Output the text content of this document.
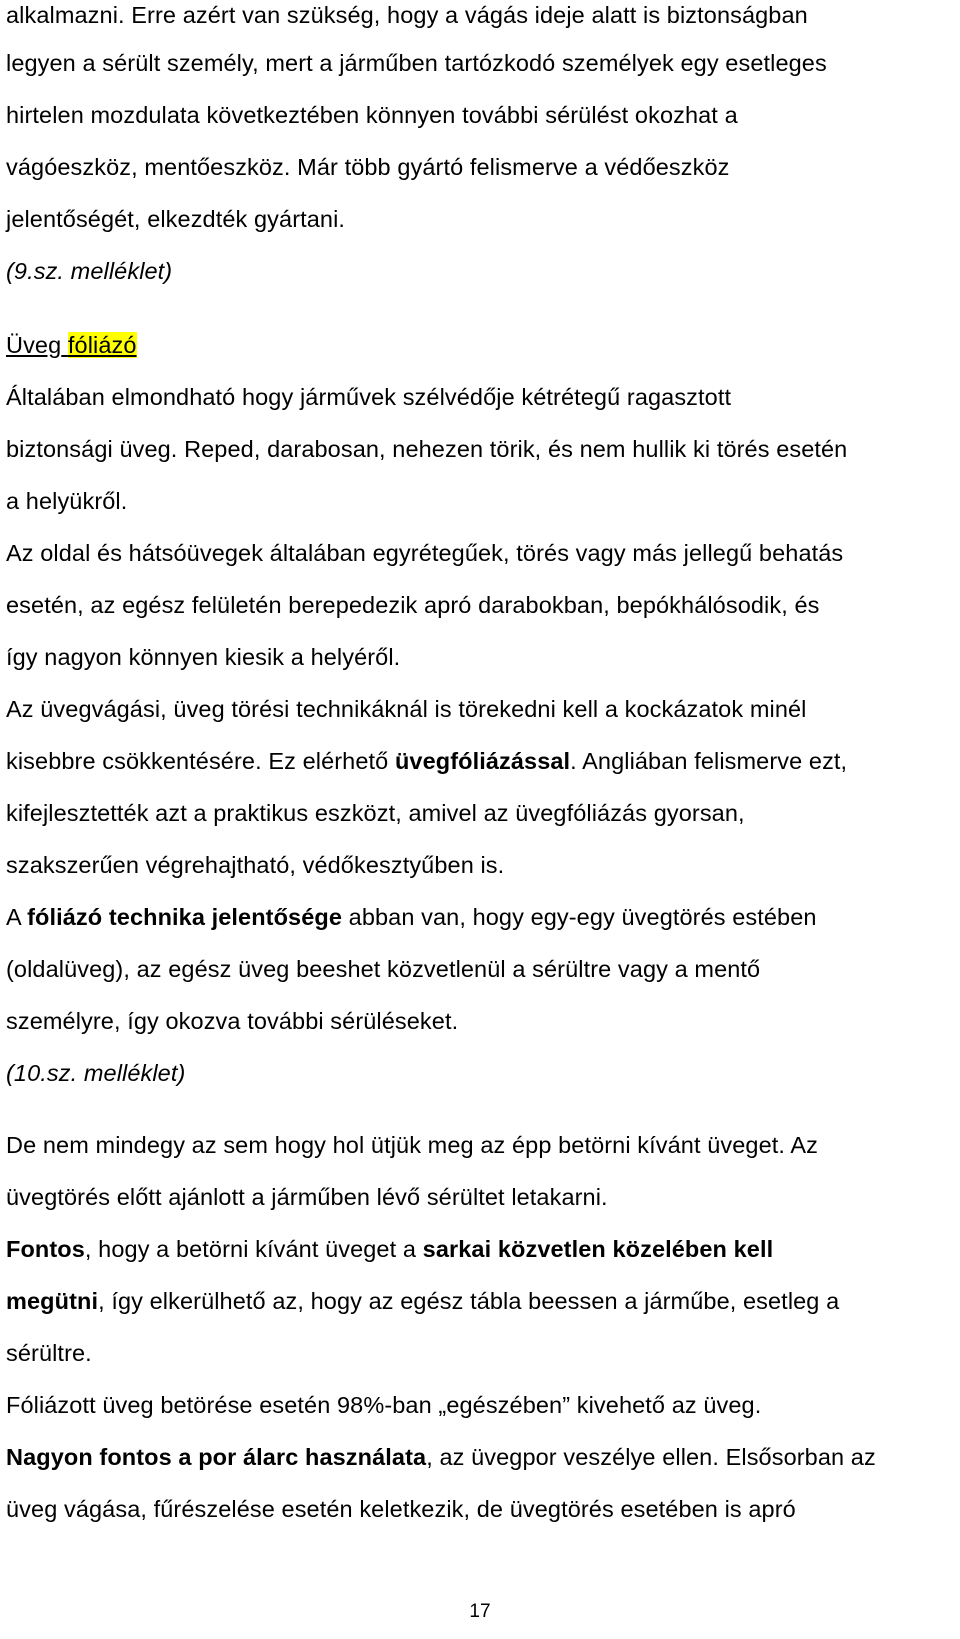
alkalmazni. Erre azért van szükség, hogy a vágás ideje alatt is biztonságban
legyen a sérült személy, mert a járműben tartózkodó személyek egy esetleges
hirtelen mozdulata következtében könnyen további sérülést okozhat a
vágóeszköz, mentőeszköz. Már több gyártó felismerve a védőeszköz
jelentőségét, elkezdték gyártani.
(9.sz. melléklet)
Üveg fóliázó
Általában elmondható hogy járművek szélvédője kétrétegű ragasztott
biztonsági üveg. Reped, darabosan, nehezen törik, és nem hullik ki törés esetén
a helyükről.
Az oldal és hátsóüvegek általában egyrétegűek, törés vagy más jellegű behatás
esetén, az egész felületén berepedezik apró darabokban, bepókhálósodik, és
így nagyon könnyen kiesik a helyéről.
Az üvegvágási, üveg törési technikáknál is törekedni kell a kockázatok minél
kisebbre csökkentésére. Ez elérhető üvegfóliázással. Angliában felismerve ezt,
kifejlesztették azt a praktikus eszközt, amivel az üvegfóliázás gyorsan,
szakszerűen végrehajtható, védőkesztyűben is.
A fóliázó technika jelentősége abban van, hogy egy-egy üvegtörés estében
(oldalüveg), az egész üveg beeshet közvetlenül a sérültre vagy a mentő
személyre, így okozva további sérüléseket.
(10.sz. melléklet)
De nem mindegy az sem hogy hol ütjük meg az épp betörni kívánt üveget. Az
üvegtörés előtt ajánlott a járműben lévő sérültet letakarni.
Fontos, hogy a betörni kívánt üveget a sarkai közvetlen közelében kell
megütni, így elkerülhető az, hogy az egész tábla beessen a járműbe, esetleg a
sérültre.
Fóliázott üveg betörése esetén 98%-ban „egészében” kivehető az üveg.
Nagyon fontos a por álarc használata, az üvegpor veszélye ellen. Elsősorban az
üveg vágása, fűrészelése esetén keletkezik, de üvegtörés esetében is apró
17
